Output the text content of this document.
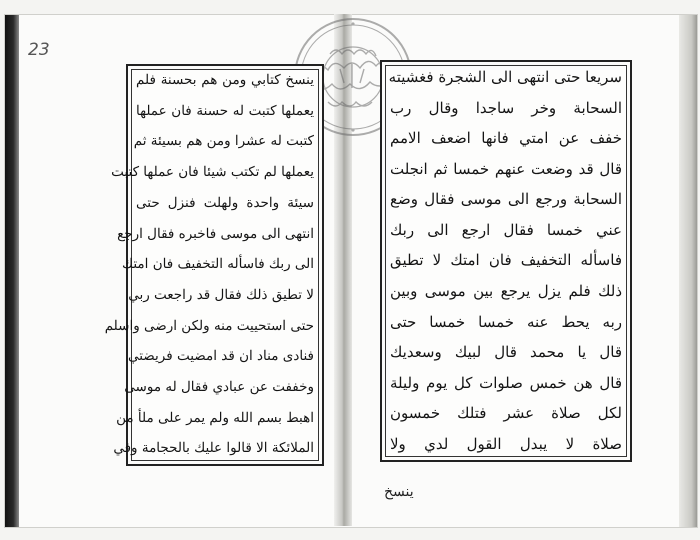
23
ينسخ كتابي ومن هم بحسنة فلم
يعملها كتبت له حسنة فان عملها
كتبت له عشرا ومن هم بسيئة ثم
يعملها لم تكتب شيئا فان عملها كتبت
سيئة واحدة ولهلت فنزل حتى
انتهى الى موسى فاخبره فقال ارجع
الى ربك فاسأله التخفيف فان امتك
لا تطيق ذلك فقال قد راجعت ربي
حتى استحييت منه ولكن ارضى واسلم
فنادى مناد ان قد امضيت فريضتي
وخففت عن عبادي فقال له موسى
اهبط بسم الله ولم يمر على ملأ من
الملائكة الا قالوا عليك بالحجامة وفي
سريعا حتى انتهى الى الشجرة فغشيته
السحابة وخر ساجدا وقال رب
خفف عن امتي فانها اضعف الامم
قال قد وضعت عنهم خمسا ثم انجلت
السحابة ورجع الى موسى فقال وضع
عني خمسا فقال ارجع الى ربك
فاسأله التخفيف فان امتك لا تطيق
ذلك فلم يزل يرجع بين موسى وبين
ربه يحط عنه خمسا خمسا حتى
قال يا محمد قال لبيك وسعديك
قال هن خمس صلوات كل يوم وليلة
لكل صلاة عشر فتلك خمسون
صلاة لا يبدل القول لدي ولا
ينسخ
